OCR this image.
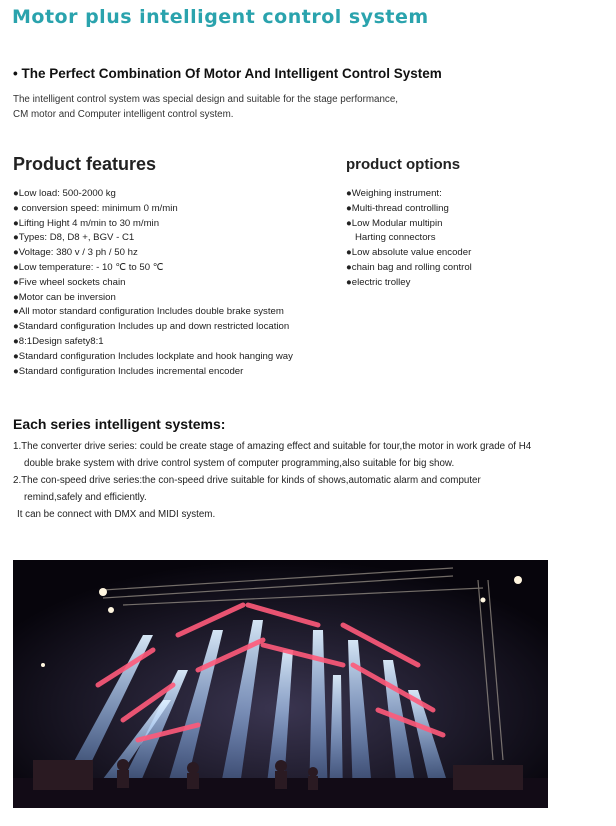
Motor plus intelligent control system
• The Perfect Combination Of Motor And Intelligent Control System
The intelligent control system was special design and suitable for the stage performance,
CM motor and Computer intelligent control system.
Product features	product options
●Low load: 500-2000 kg
● conversion speed: minimum 0 m/min
●Lifting Hight 4 m/min to 30 m/min
●Types: D8, D8 +, BGV - C1
●Voltage: 380 v / 3 ph / 50 hz
●Low temperature: - 10 ℃ to 50 ℃
●Five wheel sockets chain
●Motor can be inversion
●All motor standard configuration Includes double brake system
●Standard configuration Includes up and down restricted location
●8:1Design safety8:1
●Standard configuration Includes lockplate and hook hanging way
●Standard configuration Includes incremental encoder
●Weighing instrument:
●Multi-thread controlling
●Low Modular multipin
Harting connectors
●Low absolute value encoder
●chain bag and rolling control
●electric trolley
Each series intelligent systems:

1.The converter drive series: could be create stage of amazing effect and suitable for tour,the motor in work grade of H4

double brake system with drive control system of computer programming,also suitable for big show.

2.The con-speed drive series:the con-speed drive suitable for kinds of shows,automatic alarm and computer

remind,safely and efficiently.

It can be connect with DMX and MIDI system.
